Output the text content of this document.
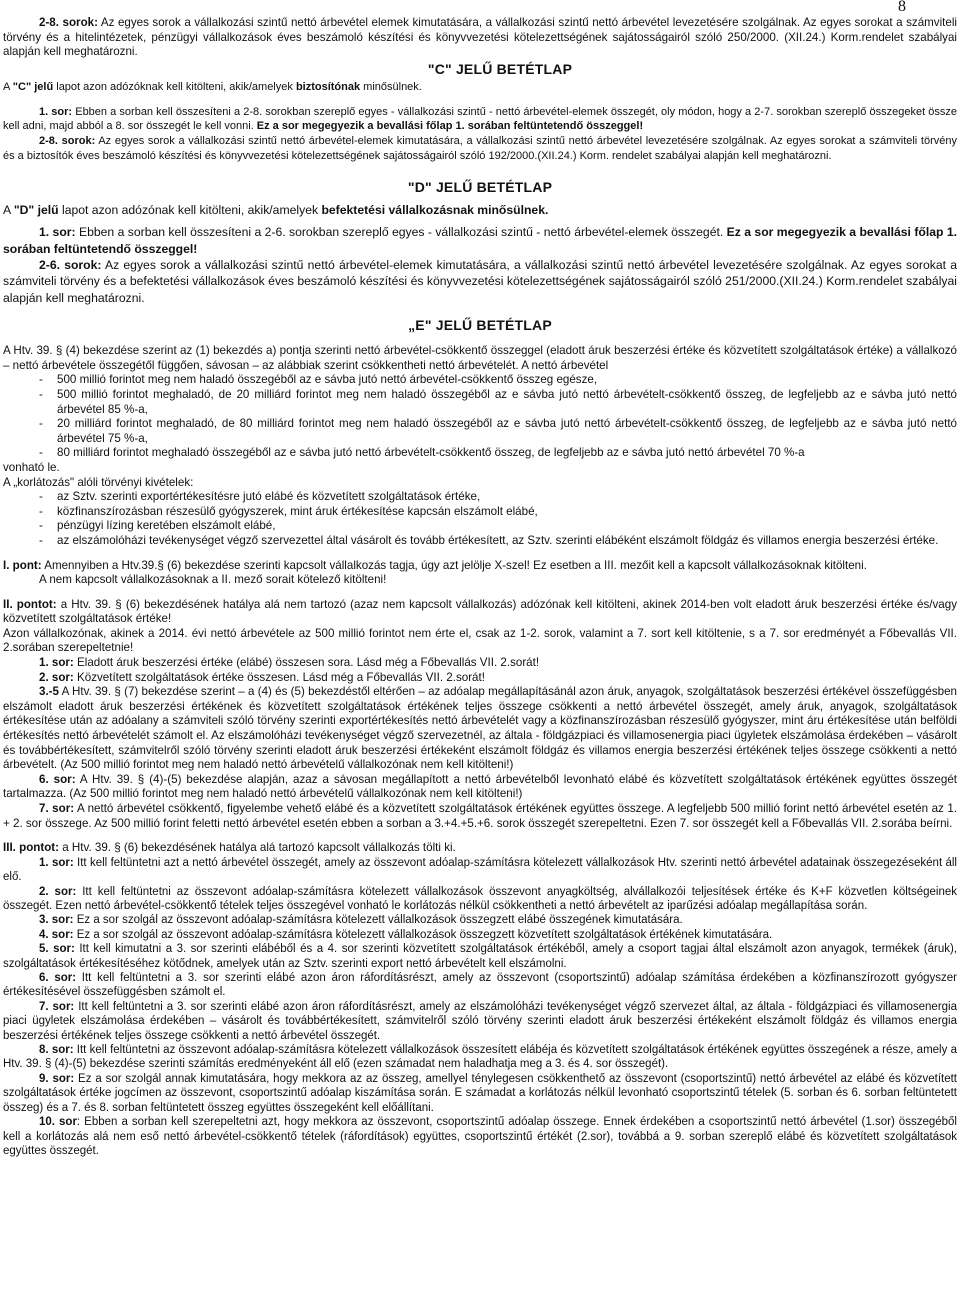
8

2-8. sorok: Az egyes sorok a vállalkozási szintű nettó árbevétel elemek kimutatására, a vállalkozási szintű nettó árbevétel levezetésére szolgálnak. Az egyes sorokat a számviteli törvény és a hitelintézetek, pénzügyi vállalkozások éves beszámoló készítési és könyvvezetési kötelezettségének sajátosságairól szóló 250/2000. (XII.24.) Korm.rendelet szabályai alapján kell meghatározni.

"C" JELŰ BETÉTLAP

A "C" jelű lapot azon adózóknak kell kitölteni, akik/amelyek biztosítónak minősülnek.

1. sor: Ebben a sorban kell összesíteni a 2-8. sorokban szereplő egyes - vállalkozási szintű - nettó árbevétel-elemek összegét, oly módon, hogy a 2-7. sorokban szereplő összegeket össze kell adni, majd abból a 8. sor összegét le kell vonni. Ez a sor megegyezik a bevallási főlap 1. sorában feltüntetendő összeggel!

2-8. sorok: Az egyes sorok a vállalkozási szintű nettó árbevétel-elemek kimutatására, a vállalkozási szintű nettó árbevétel levezetésére szolgálnak. Az egyes sorokat a számviteli törvény és a biztosítók éves beszámoló készítési és könyvvezetési kötelezettségének sajátosságairól szóló 192/2000.(XII.24.) Korm. rendelet szabályai alapján kell meghatározni.

"D" JELŰ BETÉTLAP

A "D" jelű lapot azon adózónak kell kitölteni, akik/amelyek befektetési vállalkozásnak minősülnek.

1. sor: Ebben a sorban kell összesíteni a 2-6. sorokban szereplő egyes - vállalkozási szintű - nettó árbevétel-elemek összegét. Ez a sor megegyezik a bevallási főlap 1. sorában feltüntetendő összeggel!

2-6. sorok: Az egyes sorok a vállalkozási szintű nettó árbevétel-elemek kimutatására, a vállalkozási szintű nettó árbevétel levezetésére szolgálnak. Az egyes sorokat a számviteli törvény és a befektetési vállalkozások éves beszámoló készítési és könyvvezetési kötelezettségének sajátosságairól szóló 251/2000.(XII.24.) Korm.rendelet szabályai alapján kell meghatározni.

„E" JELŰ BETÉTLAP

A Htv. 39. § (4) bekezdése szerint az (1) bekezdés a) pontja szerinti nettó árbevétel-csökkentő összeggel (eladott áruk beszerzési értéke és közvetített szolgáltatások értéke) a vállalkozó – nettó árbevétele összegétől függően, sávosan – az alábbiak szerint csökkentheti nettó árbevételét. A nettó árbevétel

- 500 millió forintot meg nem haladó összegéből az e sávba jutó nettó árbevétel-csökkentő összeg egésze,

- 500 millió forintot meghaladó, de 20 milliárd forintot meg nem haladó összegéből az e sávba jutó nettó árbevételt-csökkentő összeg, de legfeljebb az e sávba jutó nettó árbevétel 85 %-a,

- 20 milliárd forintot meghaladó, de 80 milliárd forintot meg nem haladó összegéből az e sávba jutó nettó árbevételt-csökkentő összeg, de legfeljebb az e sávba jutó nettó árbevétel 75 %-a,

- 80 milliárd forintot meghaladó összegéből az e sávba jutó nettó árbevételt-csökkentő összeg, de legfeljebb az e sávba jutó nettó árbevétel 70 %-a

vonható le.

A „korlátozás" alóli törvényi kivételek:

- az Sztv. szerinti exportértékesítésre jutó elábé és közvetített szolgáltatások értéke,

- közfinanszírozásban részesülő gyógyszerek, mint áruk értékesítése kapcsán elszámolt elábé,

- pénzügyi lízing keretében elszámolt elábé,

- az elszámolóházi tevékenységet végző szervezettel által vásárolt és tovább értékesített, az Sztv. szerinti elábéként elszámolt földgáz és villamos energia beszerzési értéke.

I. pont: Amennyiben a Htv.39.§ (6) bekezdése szerinti kapcsolt vállalkozás tagja, úgy azt jelölje X-szel! Ez esetben a III. mezőit kell a kapcsolt vállalkozásoknak kitölteni.

A nem kapcsolt vállalkozásoknak a II. mező sorait kötelező kitölteni!

II. pontot: a Htv. 39. § (6) bekezdésének hatálya alá nem tartozó (azaz nem kapcsolt vállalkozás) adózónak kell kitölteni, akinek 2014-ben volt eladott áruk beszerzési értéke és/vagy közvetített szolgáltatások értéke!

Azon vállalkozónak, akinek a 2014. évi nettó árbevétele az 500 millió forintot nem érte el, csak az 1-2. sorok, valamint a 7. sort kell kitöltenie, s a 7. sor eredményét a Főbevallás VII. 2.sorában szerepeltetnie!

1. sor: Eladott áruk beszerzési értéke (elábé) összesen sora. Lásd még a Főbevallás VII. 2.sorát!

2. sor: Közvetített szolgáltatások értéke összesen. Lásd még a Főbevallás VII. 2.sorát!

3.-5 A Htv. 39. § (7) bekezdése szerint – a (4) és (5) bekezdéstől eltérően – az adóalap megállapításánál azon áruk, anyagok, szolgáltatások beszerzési értékével összefüggésben elszámolt eladott áruk beszerzési értékének és közvetített szolgáltatások értékének teljes összege csökkenti a nettó árbevétel összegét, amely áruk, anyagok, szolgáltatások értékesítése után az adóalany a számviteli szóló törvény szerinti exportértékesítés nettó árbevételét vagy a közfinanszírozásban részesülő gyógyszer, mint áru értékesítése után belföldi értékesítés nettó árbevételét számolt el. Az elszámolóházi tevékenységet végző szervezetnél, az általa - földgázpiaci és villamosenergia piaci ügyletek elszámolása érdekében – vásárolt és továbbértékesített, számvitelről szóló törvény szerinti eladott áruk beszerzési értékeként elszámolt földgáz és villamos energia beszerzési értékének teljes összege csökkenti a nettó árbevételt. (Az 500 millió forintot meg nem haladó nettó árbevételű vállalkozónak nem kell kitölteni!)

6. sor: A Htv. 39. § (4)-(5) bekezdése alapján, azaz a sávosan megállapított a nettó árbevételből levonható elábé és közvetített szolgáltatások értékének együttes összegét tartalmazza. (Az 500 millió forintot meg nem haladó nettó árbevételű vállalkozónak nem kell kitölteni!)

7. sor: A nettó árbevétel csökkentő, figyelembe vehető elábé és a közvetített szolgáltatások értékének együttes összege. A legfeljebb 500 millió forint nettó árbevétel esetén az 1. + 2. sor összege. Az 500 millió forint feletti nettó árbevétel esetén ebben a sorban a 3.+4.+5.+6. sorok összegét szerepeltetni. Ezen 7. sor összegét kell a Főbevallás VII. 2.sorába beírni.

III. pontot: a Htv. 39. § (6) bekezdésének hatálya alá tartozó kapcsolt vállalkozás tölti ki.

1. sor: Itt kell feltüntetni azt a nettó árbevétel összegét, amely az összevont adóalap-számításra kötelezett vállalkozások Htv. szerinti nettó árbevétel adatainak összegezéseként áll elő.

2. sor: Itt kell feltüntetni az összevont adóalap-számításra kötelezett vállalkozások összevont anyagköltség, alvállalkozói teljesítések értéke és K+F közvetlen költségeinek összegét. Ezen nettó árbevétel-csökkentő tételek teljes összegével vonható le korlátozás nélkül csökkentheti a nettó árbevételt az iparűzési adóalap megállapítása során.

3. sor: Ez a sor szolgál az összevont adóalap-számításra kötelezett vállalkozások összegzett elábé összegének kimutatására.

4. sor: Ez a sor szolgál az összevont adóalap-számításra kötelezett vállalkozások összegzett közvetített szolgáltatások értékének kimutatására.

5. sor: Itt kell kimutatni a 3. sor szerinti elábéből és a 4. sor szerinti közvetített szolgáltatások értékéből, amely a csoport tagjai által elszámolt azon anyagok, termékek (áruk), szolgáltatások értékesítéséhez kötődnek, amelyek után az Sztv. szerinti export nettó árbevételt kell elszámolni.

6. sor: Itt kell feltüntetni a 3. sor szerinti elábé azon áron ráfordításrészt, amely az összevont (csoportszintű) adóalap számítása érdekében a közfinanszírozott gyógyszer értékesítésével összefüggésben számolt el.

7. sor: Itt kell feltüntetni a 3. sor szerinti elábé azon áron ráfordításrészt, amely az elszámolóházi tevékenységet végző szervezet által, az általa - földgázpiaci és villamosenergia piaci ügyletek elszámolása érdekében – vásárolt és továbbértékesített, számvitelről szóló törvény szerinti eladott áruk beszerzési értékeként elszámolt földgáz és villamos energia beszerzési értékének teljes összege csökkenti a nettó árbevétel összegét.

8. sor: Itt kell feltüntetni az összevont adóalap-számításra kötelezett vállalkozások összesített elábéja és közvetített szolgáltatások értékének együttes összegének a része, amely a Htv. 39. § (4)-(5) bekezdése szerinti számítás eredményeként áll elő (ezen számadat nem haladhatja meg a 3. és 4. sor összegét).

9. sor: Ez a sor szolgál annak kimutatására, hogy mekkora az az összeg, amellyel ténylegesen csökkenthető az összevont (csoportszintű) nettó árbevétel az elábé és közvetített szolgáltatások értéke jogcímen az összevont, csoportszintű adóalap kiszámítása során. E számadat a korlátozás nélkül levonható csoportszintű tételek (5. sorban és 6. sorban feltüntetett összeg) és a 7. és 8. sorban feltüntetett összeg együttes összegeként kell előállítani.

10. sor: Ebben a sorban kell szerepeltetni azt, hogy mekkora az összevont, csoportszintű adóalap összege. Ennek érdekében a csoportszintű nettó árbevétel (1.sor) összegéből kell a korlátozás alá nem eső nettó árbevétel-csökkentő tételek (ráfordítások) együttes, csoportszintű értékét (2.sor), továbbá a 9. sorban szereplő elábé és közvetített szolgáltatások együttes összegét.
